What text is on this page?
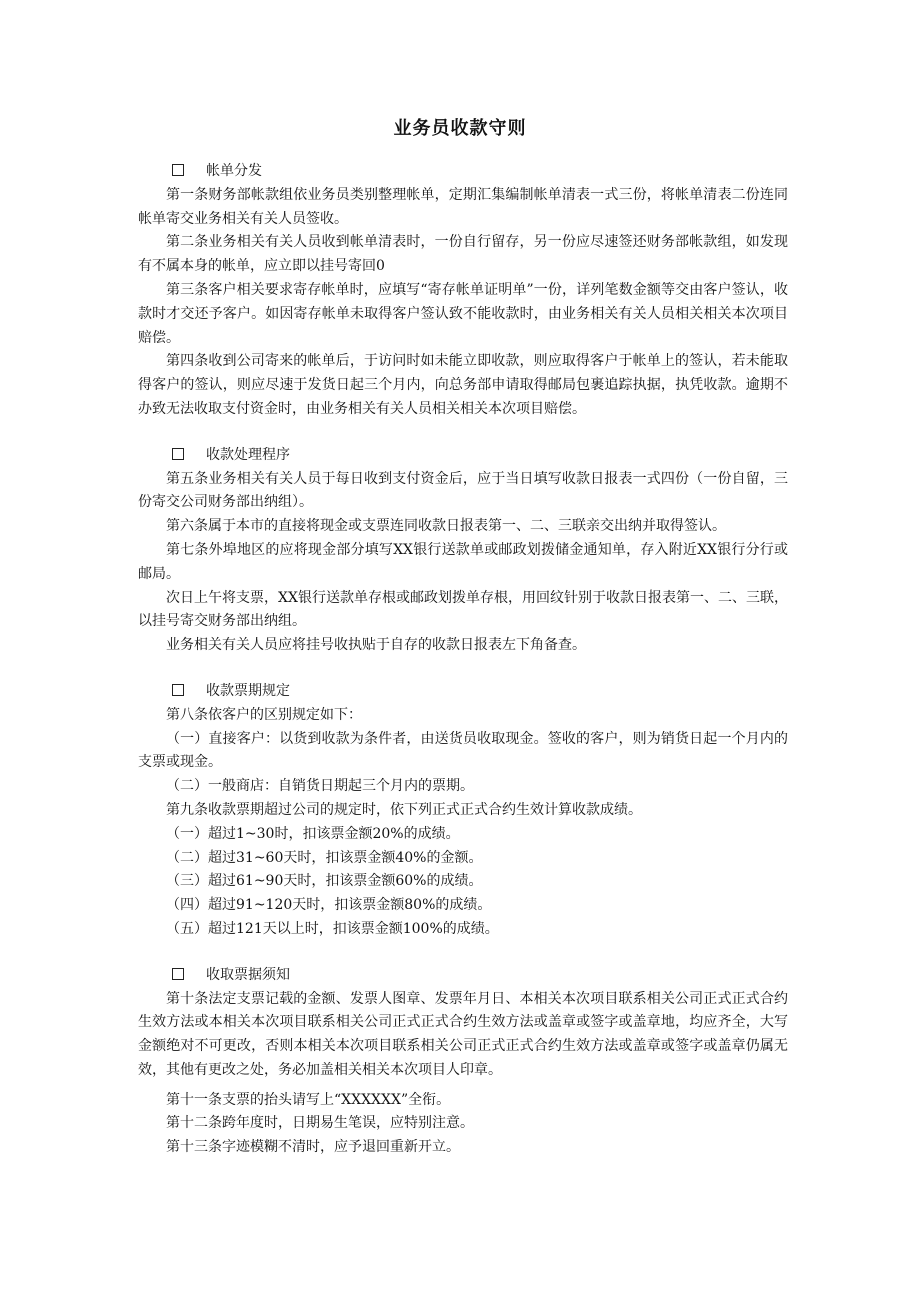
业务员收款守则

帐单分发

第一条财务部帐款组依业务员类别整理帐单，定期汇集编制帐单清表一式三份，将帐单清表二份连同帐单寄交业务相关有关人员签收。

第二条业务相关有关人员收到帐单清表时，一份自行留存，另一份应尽速签还财务部帐款组，如发现有不属本身的帐单，应立即以挂号寄回0

第三条客户相关要求寄存帐单时，应填写“寄存帐单证明单”一份，详列笔数金额等交由客户签认，收款时才交还予客户。如因寄存帐单未取得客户签认致不能收款时，由业务相关有关人员相关相关本次项目赔偿。

第四条收到公司寄来的帐单后，于访问时如未能立即收款，则应取得客户于帐单上的签认，若未能取得客户的签认，则应尽速于发货日起三个月内，向总务部申请取得邮局包裹追踪执据，执凭收款。逾期不办致无法收取支付资金时，由业务相关有关人员相关相关本次项目赔偿。

收款处理程序

第五条业务相关有关人员于每日收到支付资金后，应于当日填写收款日报表一式四份（一份自留，三份寄交公司财务部出纳组）。

第六条属于本市的直接将现金或支票连同收款日报表第一、二、三联亲交出纳并取得签认。

第七条外埠地区的应将现金部分填写XX银行送款单或邮政划拨储金通知单，存入附近XX银行分行或邮局。

次日上午将支票，XX银行送款单存根或邮政划拨单存根，用回纹针别于收款日报表第一、二、三联，以挂号寄交财务部出纳组。

业务相关有关人员应将挂号收执贴于自存的收款日报表左下角备查。

收款票期规定

第八条依客户的区别规定如下：

（一）直接客户：以货到收款为条件者，由送货员收取现金。签收的客户，则为销货日起一个月内的支票或现金。

（二）一般商店：自销货日期起三个月内的票期。

第九条收款票期超过公司的规定时，依下列正式正式合约生效计算收款成绩。

（一）超过1~30时，扣该票金额20%的成绩。

（二）超过31~60天时，扣该票金额40%的金额。

（三）超过61~90天时，扣该票金额60%的成绩。

（四）超过91~120天时，扣该票金额80%的成绩。

（五）超过121天以上时，扣该票金额100%的成绩。

收取票据须知

第十条法定支票记载的金额、发票人图章、发票年月日、本相关本次项目联系相关公司正式正式合约生效方法或本相关本次项目联系相关公司正式正式合约生效方法或盖章或签字或盖章地，均应齐全，大写金额绝对不可更改，否则本相关本次项目联系相关公司正式正式合约生效方法或盖章或签字或盖章仍属无效，其他有更改之处，务必加盖相关相关本次项目人印章。

第十一条支票的抬头请写上“XXXXXX”全衔。

第十二条跨年度时，日期易生笔误，应特别注意。

第十三条字迹模糊不清时，应予退回重新开立。
